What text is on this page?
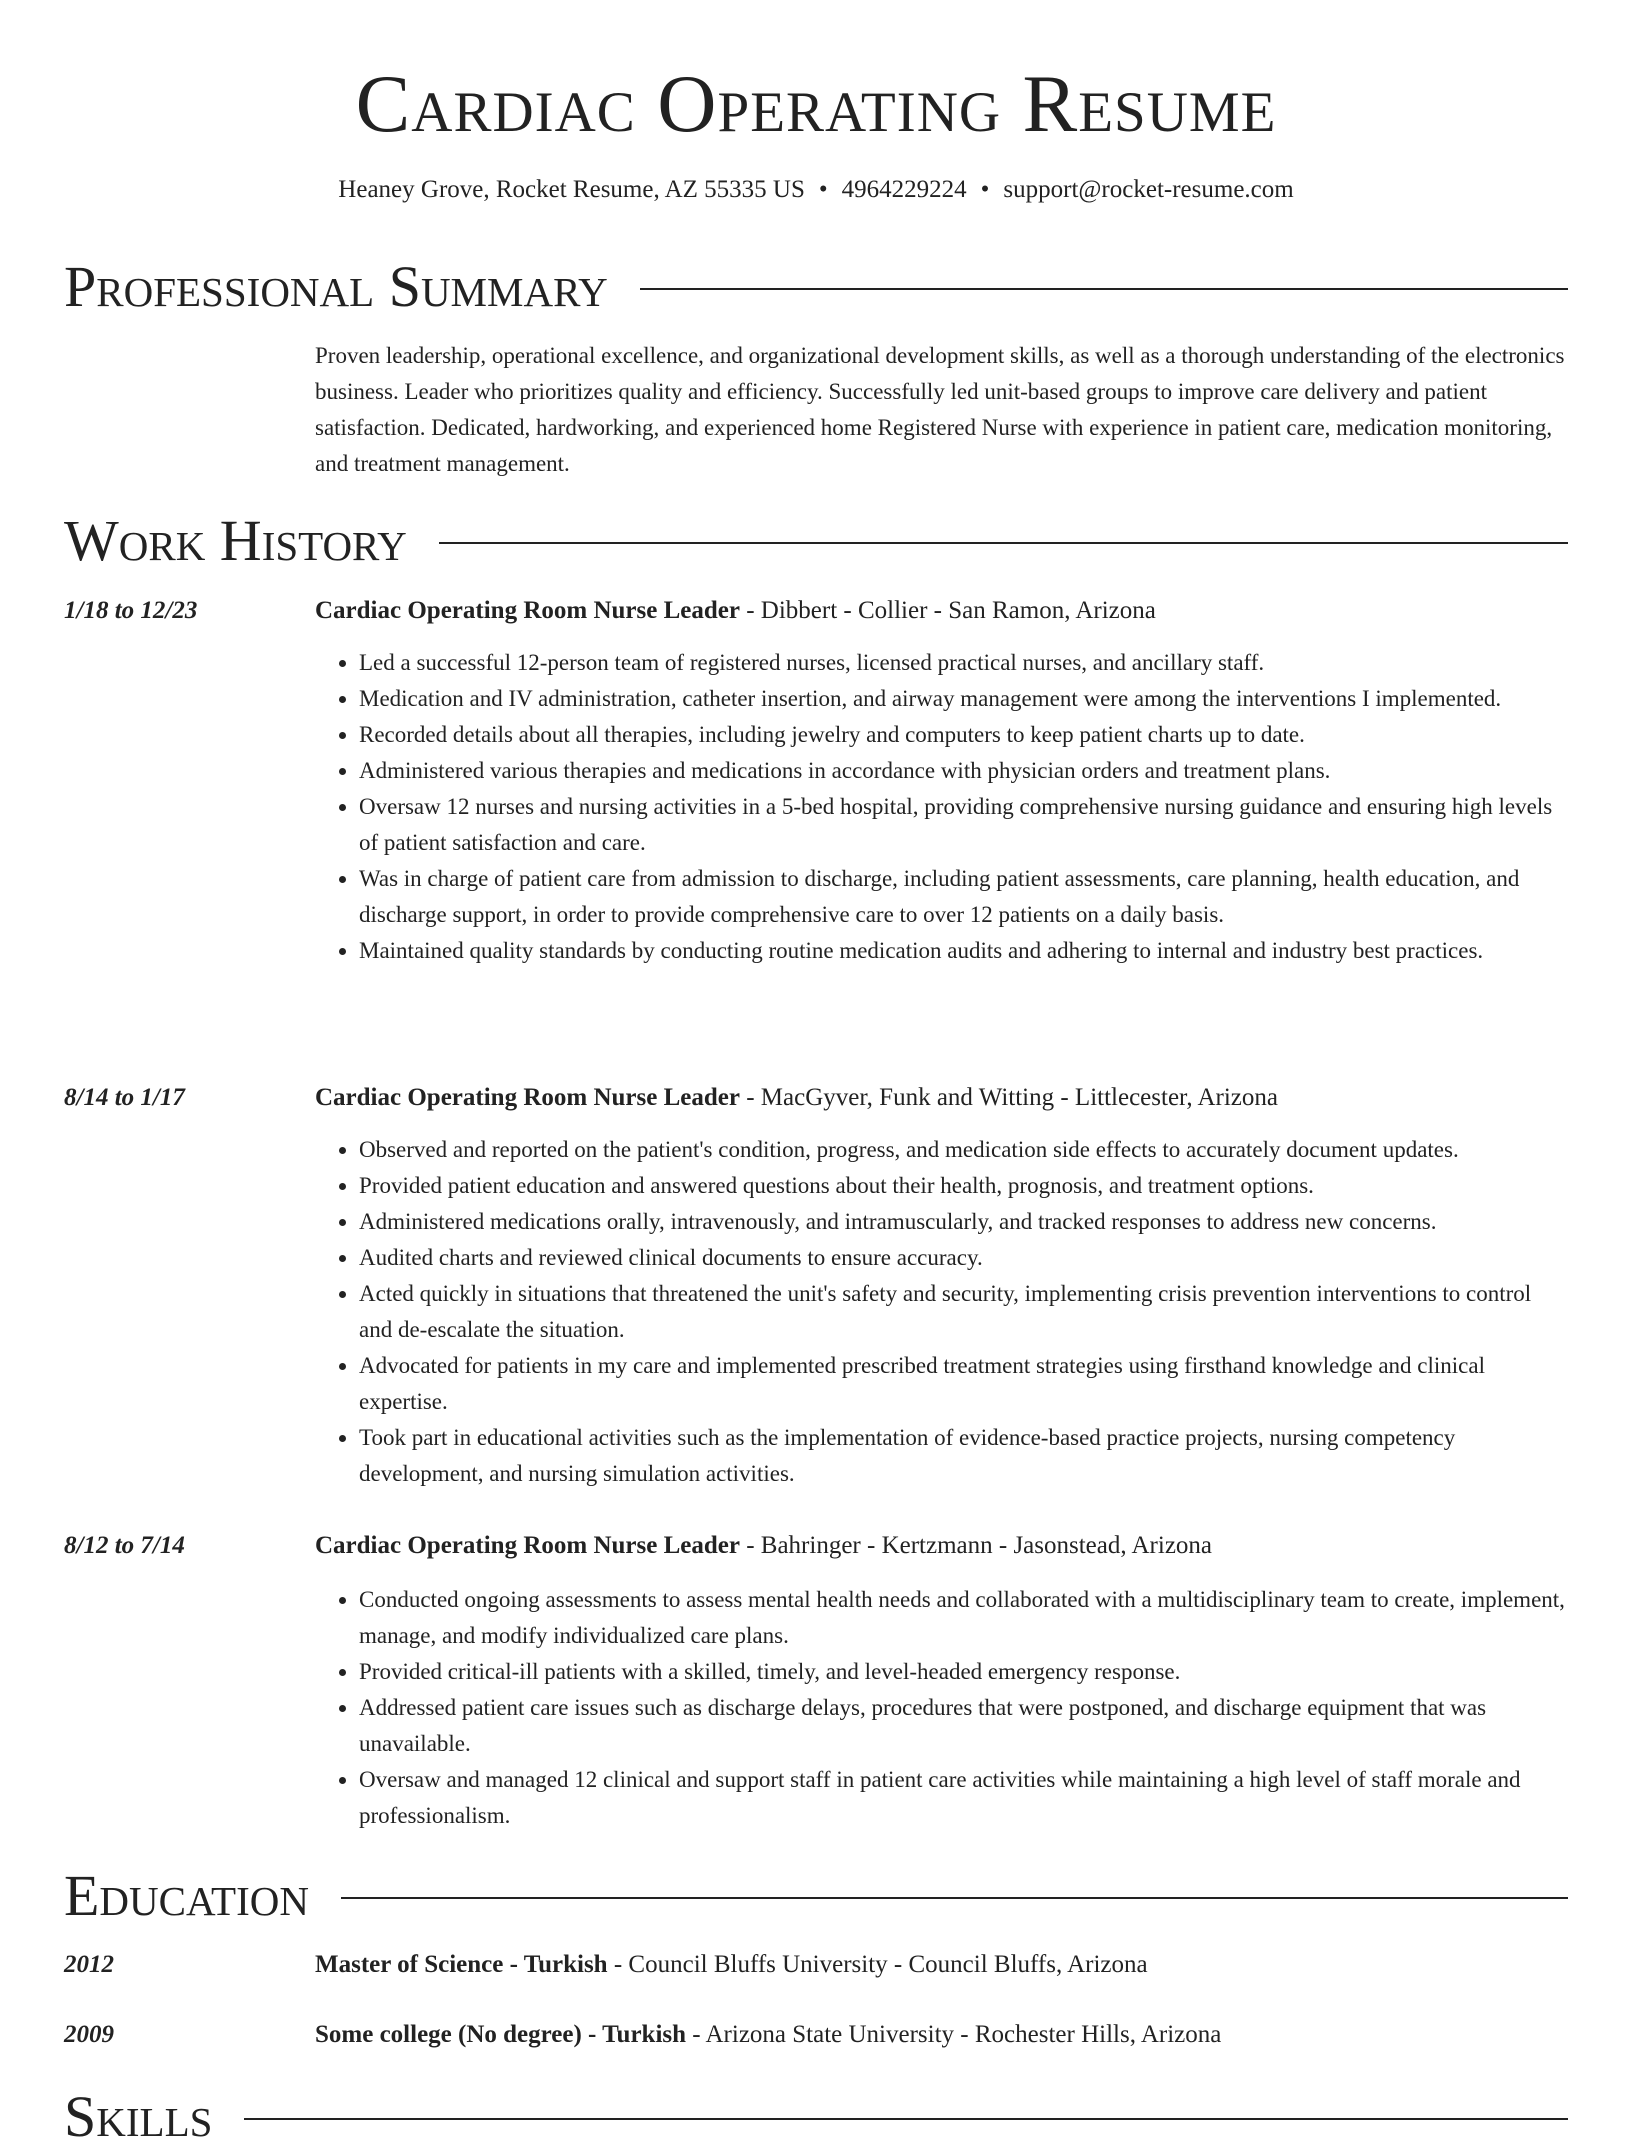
Cardiac Operating Resume
Heaney Grove, Rocket Resume, AZ 55335 US • 4964229224 • support@rocket-resume.com
Professional Summary

Proven leadership, operational excellence, and organizational development skills, as well as a thorough understanding of the electronics business. Leader who prioritizes quality and efficiency. Successfully led unit-based groups to improve care delivery and patient satisfaction. Dedicated, hardworking, and experienced home Registered Nurse with experience in patient care, medication monitoring, and treatment management.

Work History
1/18 to 12/23	Cardiac Operating Room Nurse Leader - Dibbert - Collier - San Ramon, Arizona
• Led a successful 12-person team of registered nurses, licensed practical nurses, and ancillary staff.
• Medication and IV administration, catheter insertion, and airway management were among the interventions I implemented.
• Recorded details about all therapies, including jewelry and computers to keep patient charts up to date.
• Administered various therapies and medications in accordance with physician orders and treatment plans.
• Oversaw 12 nurses and nursing activities in a 5-bed hospital, providing comprehensive nursing guidance and ensuring high levels of patient satisfaction and care.
• Was in charge of patient care from admission to discharge, including patient assessments, care planning, health education, and discharge support, in order to provide comprehensive care to over 12 patients on a daily basis.
• Maintained quality standards by conducting routine medication audits and adhering to internal and industry best practices.
8/14 to 1/17	Cardiac Operating Room Nurse Leader - MacGyver, Funk and Witting - Littlecester, Arizona
• Observed and reported on the patient's condition, progress, and medication side effects to accurately document updates.
• Provided patient education and answered questions about their health, prognosis, and treatment options.
• Administered medications orally, intravenously, and intramuscularly, and tracked responses to address new concerns.
• Audited charts and reviewed clinical documents to ensure accuracy.
• Acted quickly in situations that threatened the unit's safety and security, implementing crisis prevention interventions to control and de-escalate the situation.
• Advocated for patients in my care and implemented prescribed treatment strategies using firsthand knowledge and clinical expertise.
• Took part in educational activities such as the implementation of evidence-based practice projects, nursing competency development, and nursing simulation activities.
8/12 to 7/14	Cardiac Operating Room Nurse Leader - Bahringer - Kertzmann - Jasonstead, Arizona
• Conducted ongoing assessments to assess mental health needs and collaborated with a multidisciplinary team to create, implement, manage, and modify individualized care plans.
• Provided critical-ill patients with a skilled, timely, and level-headed emergency response.
• Addressed patient care issues such as discharge delays, procedures that were postponed, and discharge equipment that was unavailable.
• Oversaw and managed 12 clinical and support staff in patient care activities while maintaining a high level of staff morale and professionalism.
Education
2012	Master of Science - Turkish - Council Bluffs University - Council Bluffs, Arizona
2009	Some college (No degree) - Turkish - Arizona State University - Rochester Hills, Arizona
Skills
